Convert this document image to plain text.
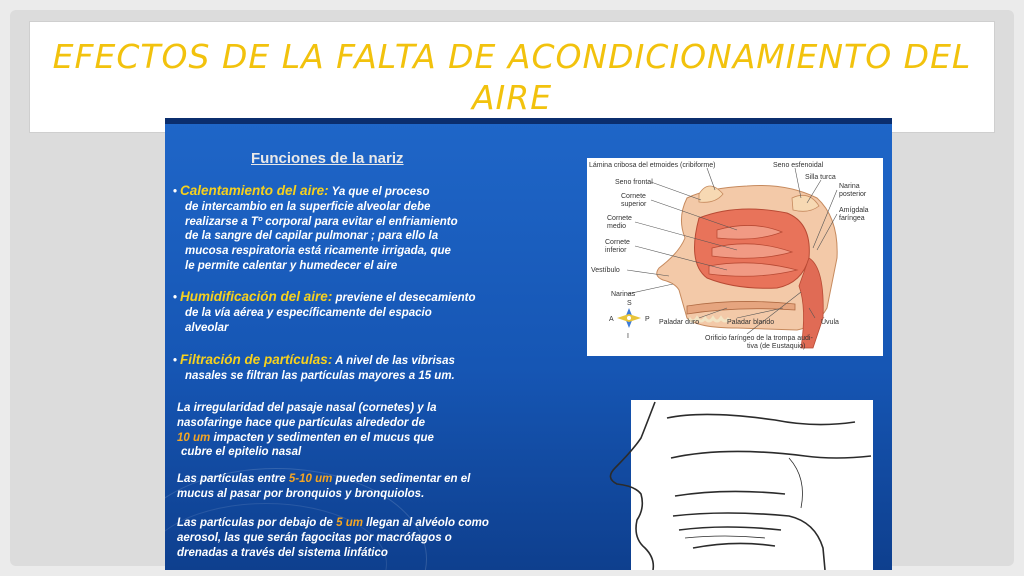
EFECTOS DE LA FALTA DE ACONDICIONAMIENTO DEL AIRE
Funciones de la nariz
• Calentamiento del aire: Ya que el proceso
de intercambio en la superficie alveolar debe
realizarse a Tº corporal para evitar el enfriamiento
de la sangre del capilar pulmonar ; para ello la
mucosa respiratoria está ricamente irrigada, que
le permite calentar y humedecer el aire
• Humidificación del aire: previene el desecamiento
de la vía aérea y específicamente del espacio
alveolar
• Filtración de partículas: A nivel de las vibrisas
nasales se filtran las partículas mayores a 15 um.
La irregularidad del pasaje nasal (cornetes) y la
nasofaringe hace que partículas alrededor de
10 um impacten y sedimenten en el mucus que
cubre el epitelio nasal
Las partículas entre 5-10 um pueden sedimentar en el
mucus al pasar por bronquios y bronquiolos.
Las partículas por debajo de 5 um llegan al alvéolo como
aerosol, las que serán fagocitas por macrófagos o
drenadas a través del sistema linfático
Lámina cribosa del etmoides (cribiforme)	Seno esfenoidal
Silla turca
Narina
posterior
Amígdala
faríngea
Seno frontal
Cornete
superior
Cornete
medio
Cornete
inferior
Vestíbulo
Narinas
Paladar duro	Paladar blando	Úvula
Orificio faríngeo de la trompa audi-
tiva (de Eustaquio)
S
A	P
I
